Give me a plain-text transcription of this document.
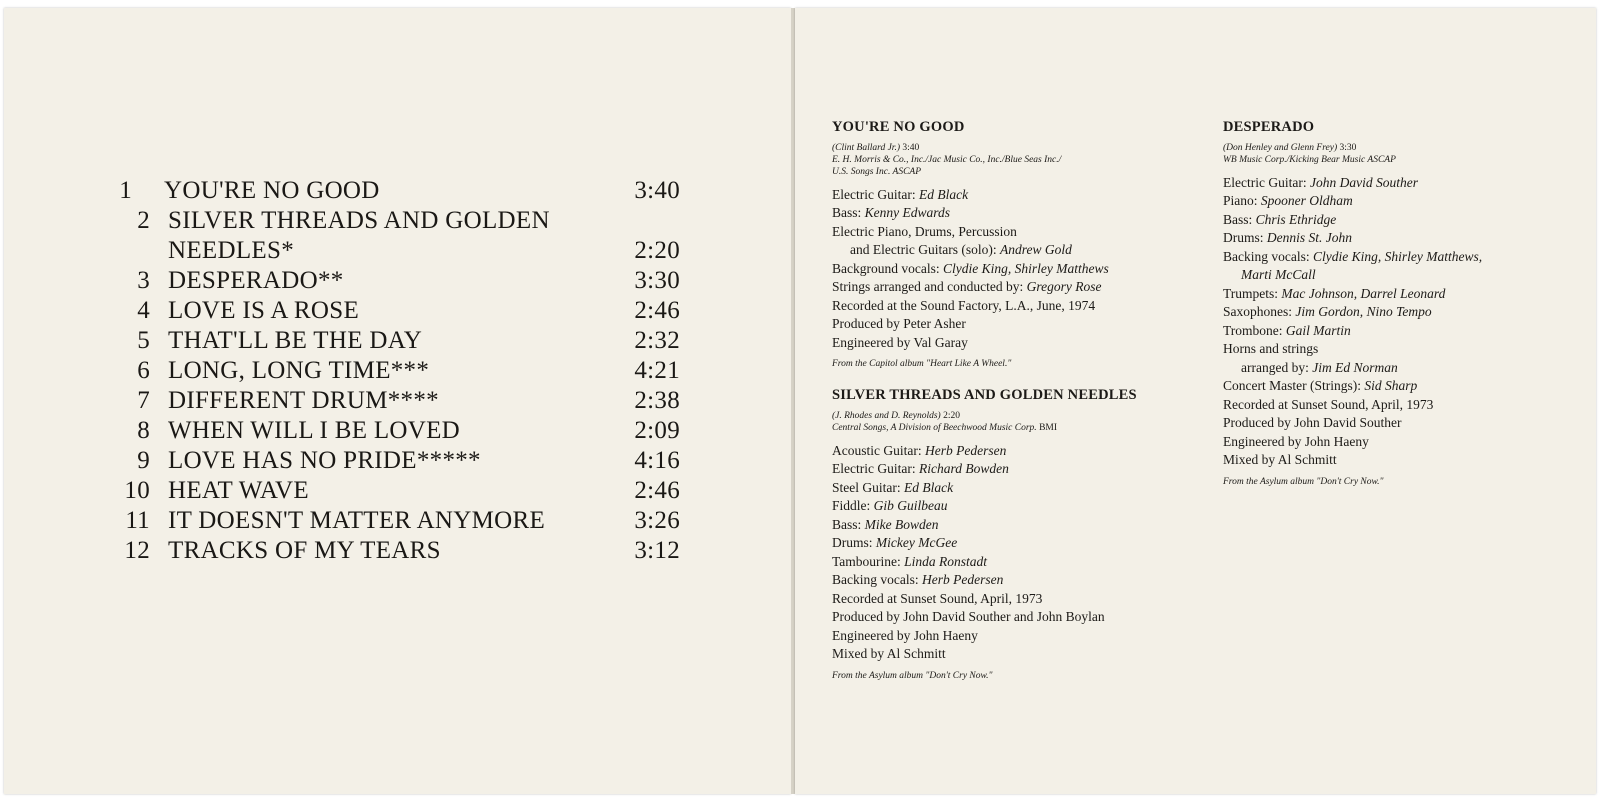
1 YOU'RE NO GOOD	3:40
2 SILVER THREADS AND GOLDEN
NEEDLES*	2:20
3 DESPERADO**	3:30
4 LOVE IS A ROSE	2:46
5 THAT'LL BE THE DAY	2:32
6 LONG, LONG TIME***	4:21
7 DIFFERENT DRUM****	2:38
8 WHEN WILL I BE LOVED	2:09
9 LOVE HAS NO PRIDE*****	4:16
10 HEAT WAVE	2:46
11 IT DOESN'T MATTER ANYMORE	3:26
12 TRACKS OF MY TEARS	3:12
YOU'RE NO GOOD
(Clint Ballard Jr.) 3:40
E. H. Morris & Co., Inc./Jac Music Co., Inc./Blue Seas Inc./
U.S. Songs Inc. ASCAP
Electric Guitar: Ed Black
Bass: Kenny Edwards
Electric Piano, Drums, Percussion
and Electric Guitars (solo): Andrew Gold
Background vocals: Clydie King, Shirley Matthews
Strings arranged and conducted by: Gregory Rose
Recorded at the Sound Factory, L.A., June, 1974
Produced by Peter Asher
Engineered by Val Garay
From the Capitol album "Heart Like A Wheel."
SILVER THREADS AND GOLDEN NEEDLES
(J. Rhodes and D. Reynolds) 2:20
Central Songs, A Division of Beechwood Music Corp. BMI
Acoustic Guitar: Herb Pedersen
Electric Guitar: Richard Bowden
Steel Guitar: Ed Black
Fiddle: Gib Guilbeau
Bass: Mike Bowden
Drums: Mickey McGee
Tambourine: Linda Ronstadt
Backing vocals: Herb Pedersen
Recorded at Sunset Sound, April, 1973
Produced by John David Souther and John Boylan
Engineered by John Haeny
Mixed by Al Schmitt
From the Asylum album "Don't Cry Now."
DESPERADO
(Don Henley and Glenn Frey) 3:30
WB Music Corp./Kicking Bear Music ASCAP
Electric Guitar: John David Souther
Piano: Spooner Oldham
Bass: Chris Ethridge
Drums: Dennis St. John
Backing vocals: Clydie King, Shirley Matthews,
Marti McCall
Trumpets: Mac Johnson, Darrel Leonard
Saxophones: Jim Gordon, Nino Tempo
Trombone: Gail Martin
Horns and strings
arranged by: Jim Ed Norman
Concert Master (Strings): Sid Sharp
Recorded at Sunset Sound, April, 1973
Produced by John David Souther
Engineered by John Haeny
Mixed by Al Schmitt
From the Asylum album "Don't Cry Now."
